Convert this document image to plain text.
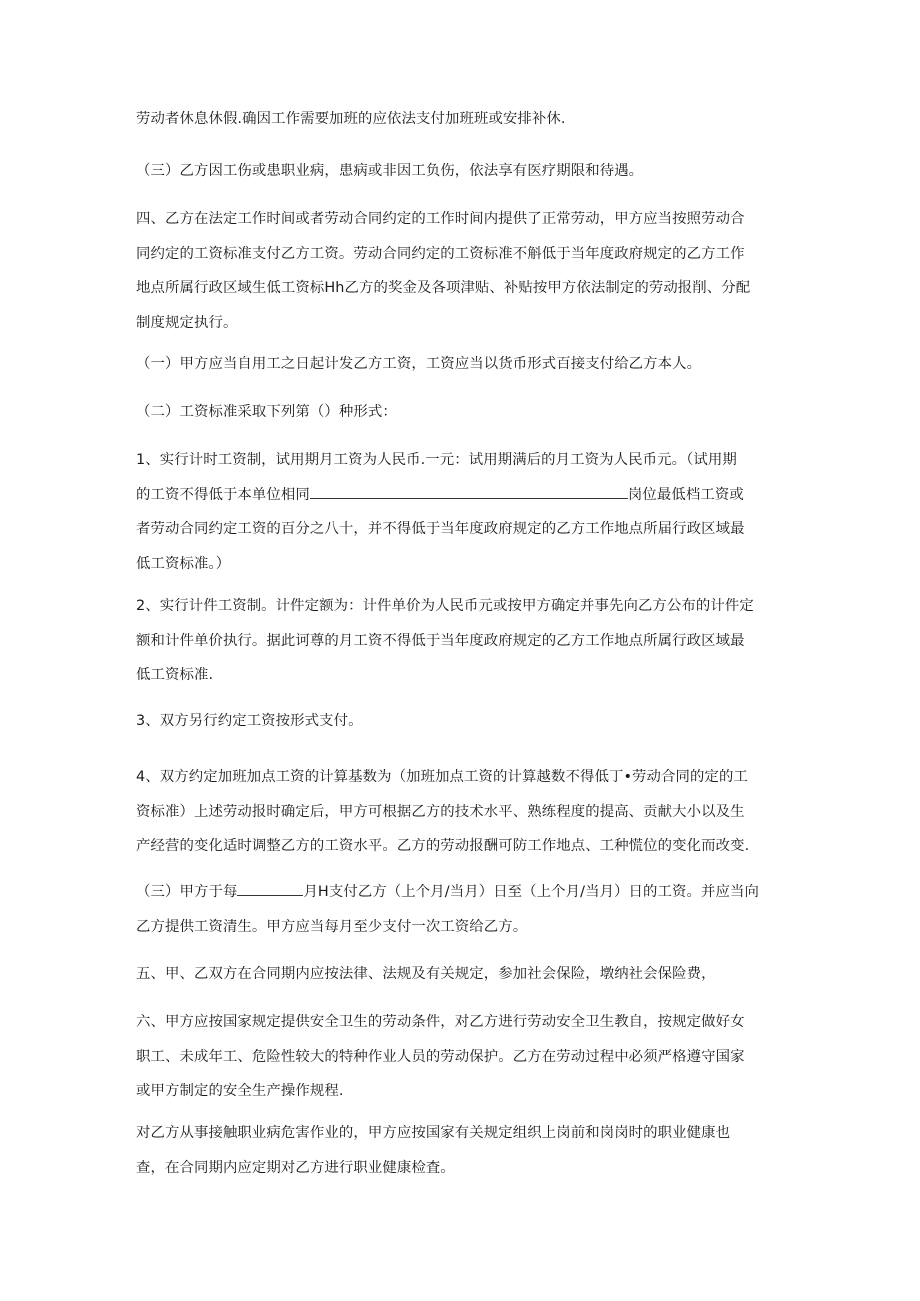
劳动者休息休假.确因工作需要加班的应依法支付加班班或安排补休.

（三）乙方因工伤或患职业病，患病或非因工负伤，依法享有医疗期限和待遇。

四、乙方在法定工作时间或者劳动合同约定的工作时间内提供了正常劳动，甲方应当按照劳动合
同约定的工资标准支付乙方工资。劳动合同约定的工资标准不斛低于当年度政府规定的乙方工作
地点所属行政区域生低工资标Hh乙方的奖金及各项津贴、补贴按甲方依法制定的劳动报削、分配
制度规定执行。

（一）甲方应当自用工之日起计发乙方工资，工资应当以货币形式百接支付给乙方本人。

（二）工资标准采取下列第（）种形式：

1、实行计时工资制，试用期月工资为人民币.一元：试用期满后的月工资为人民币元。（试用期
的工资不得低于本单位相同	岗位最低档工资或
者劳动合同约定工资的百分之八十，并不得低于当年度政府规定的乙方工作地点所届行政区域最
低工资标准。）

2、实行计件工资制。计件定额为：计件单价为人民币元或按甲方确定并事先向乙方公布的计件定
额和计件单价执行。据此诃尊的月工资不得低于当年度政府规定的乙方工作地点所属行政区域最
低工资标准.

3、双方另行约定工资按形式支付。

4、双方约定加班加点工资的计算基数为（加班加点工资的计算越数不得低丁•劳动合同的定的工
资标准）上述劳动报时确定后，甲方可根据乙方的技术水平、熟练程度的提高、贡献大小以及生
产经营的变化适时调整乙方的工资水平。乙方的劳动报酬可防工作地点、工种慌位的变化而改变.

（三）甲方于每	月H支付乙方（上个月/当月）日至（上个月/当月）日的工资。并应当向
乙方提供工资清生。甲方应当每月至少支付一次工资给乙方。

五、甲、乙双方在合同期内应按法律、法规及有关规定，参加社会保险，墩纳社会保险费，

六、甲方应按国家规定提供安全卫生的劳动条件，对乙方进行劳动安全卫生教自，按规定做好女
职工、未成年工、危险性较大的特种作业人员的劳动保护。乙方在劳动过程中必须严格遵守国家
或甲方制定的安全生产操作规程.

对乙方从事接触职业病危害作业的，甲方应按国家有关规定组织上岗前和岗岗时的职业健康也
查，在合同期内应定期对乙方进行职业健康检査。
